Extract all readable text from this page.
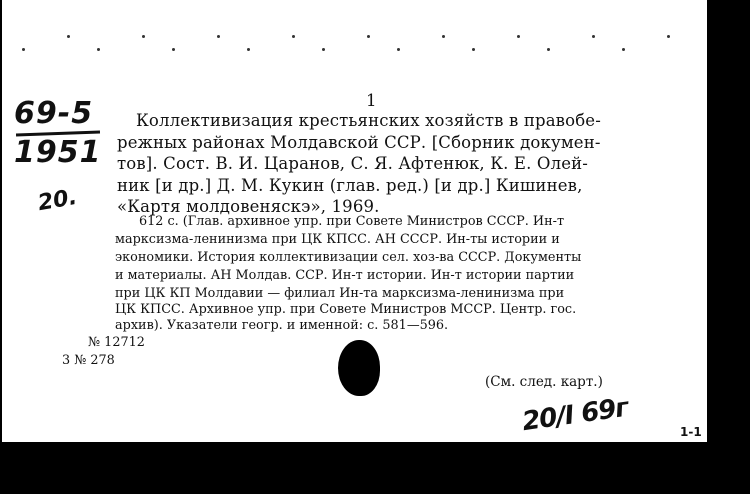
1
69-5
1951
20.
Коллективизация крестьянских хозяйств в правобе-
режных районах Молдавской ССР. [Сборник докумен-
тов]. Сост. В. И. Царанов, С. Я. Афтенюк, К. Е. Олей-
ник [и др.] Д. М. Кукин (глав. ред.) [и др.] Кишинев,
«Картя молдовеняскэ», 1969.
612 с. (Глав. архивное упр. при Совете Министров СССР. Ин-т
марксизма-ленинизма при ЦК КПСС. АН СССР. Ин-ты истории и
экономики. История коллективизации сел. хоз-ва СССР. Документы
и материалы. АН Молдав. ССР. Ин-т истории. Ин-т истории партии
при ЦК КП Молдавии — филиал Ин-та марксизма-ленинизма при
ЦК КПСС. Архивное упр. при Совете Министров МССР. Центр. гос.
архив). Указатели геогр. и именной: с. 581—596.
№ 12712
3 № 278
(См. след. карт.)
20/I 69г	1-1
